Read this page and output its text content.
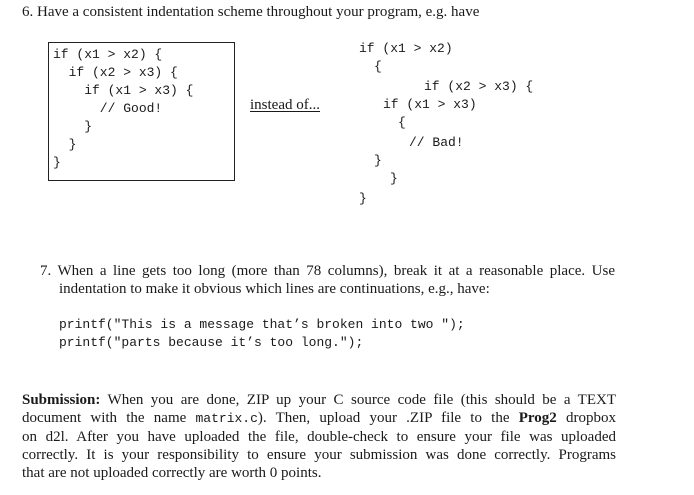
6. Have a consistent indentation scheme throughout your program, e.g. have
if (x1 > x2) {
if (x2 > x3) {
if (x1 > x3) {
// Good!
}
}
}
instead of...
if (x1 > x2)
{
if (x2 > x3) {
if (x1 > x3)
{
// Bad!
}
}
}
7. When a line gets too long (more than 78 columns), break it at a reasonable place. Use
indentation to make it obvious which lines are continuations, e.g., have:
printf("This is a message that’s broken into two ");
printf("parts because it’s too long.");
Submission: When you are done, ZIP up your C source code file (this should be a TEXT
document with the name matrix.c). Then, upload your .ZIP file to the Prog2 dropbox
on d2l. After you have uploaded the file, double-check to ensure your file was uploaded
correctly. It is your responsibility to ensure your submission was done correctly. Programs
that are not uploaded correctly are worth 0 points.
